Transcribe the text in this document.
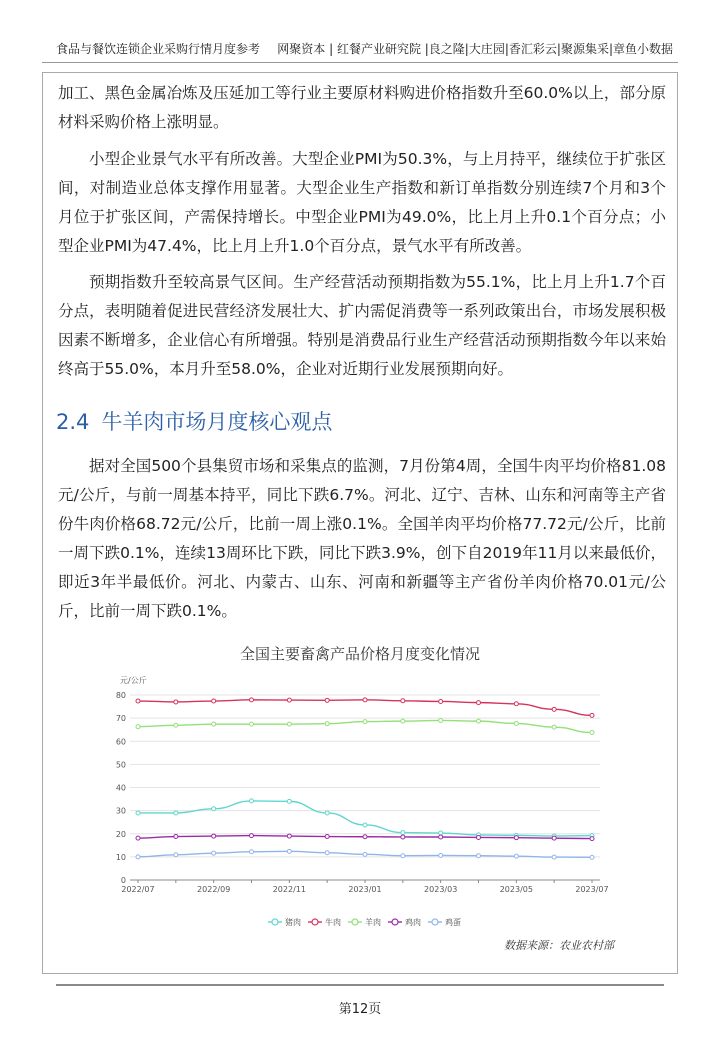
食品与餐饮连锁企业采购行情月度参考 网聚资本 | 红餐产业研究院 |良之隆|大庄园|香汇彩云|聚源集采|章鱼小数据
加工、黑色金属冶炼及压延加工等行业主要原材料购进价格指数升至60.0%以上，部分原材料采购价格上涨明显。
小型企业景气水平有所改善。大型企业PMI为50.3%，与上月持平，继续位于扩张区间，对制造业总体支撑作用显著。大型企业生产指数和新订单指数分别连续7个月和3个月位于扩张区间，产需保持增长。中型企业PMI为49.0%，比上月上升0.1个百分点；小型企业PMI为47.4%，比上月上升1.0个百分点，景气水平有所改善。
预期指数升至较高景气区间。生产经营活动预期指数为55.1%，比上月上升1.7个百分点，表明随着促进民营经济发展壮大、扩内需促消费等一系列政策出台，市场发展积极因素不断增多，企业信心有所增强。特别是消费品行业生产经营活动预期指数今年以来始终高于55.0%，本月升至58.0%，企业对近期行业发展预期向好。
2.4 牛羊肉市场月度核心观点
据对全国500个县集贸市场和采集点的监测，7月份第4周，全国牛肉平均价格81.08元/公斤，与前一周基本持平，同比下跌6.7%。河北、辽宁、吉林、山东和河南等主产省份牛肉价格68.72元/公斤，比前一周上涨0.1%。全国羊肉平均价格77.72元/公斤，比前一周下跌0.1%，连续13周环比下跌，同比下跌3.9%，创下自2019年11月以来最低价，即近3年半最低价。河北、内蒙古、山东、河南和新疆等主产省份羊肉价格70.01元/公斤，比前一周下跌0.1%。
全国主要畜禽产品价格月度变化情况
元/公斤
0
10
20
30
40
50
60
70
80
2022/07	2022/09	2022/11	2023/01	2023/03	2023/05	2023/07
猪肉	牛肉	羊肉	鸡肉	鸡蛋
数据来源：农业农村部
第12页
